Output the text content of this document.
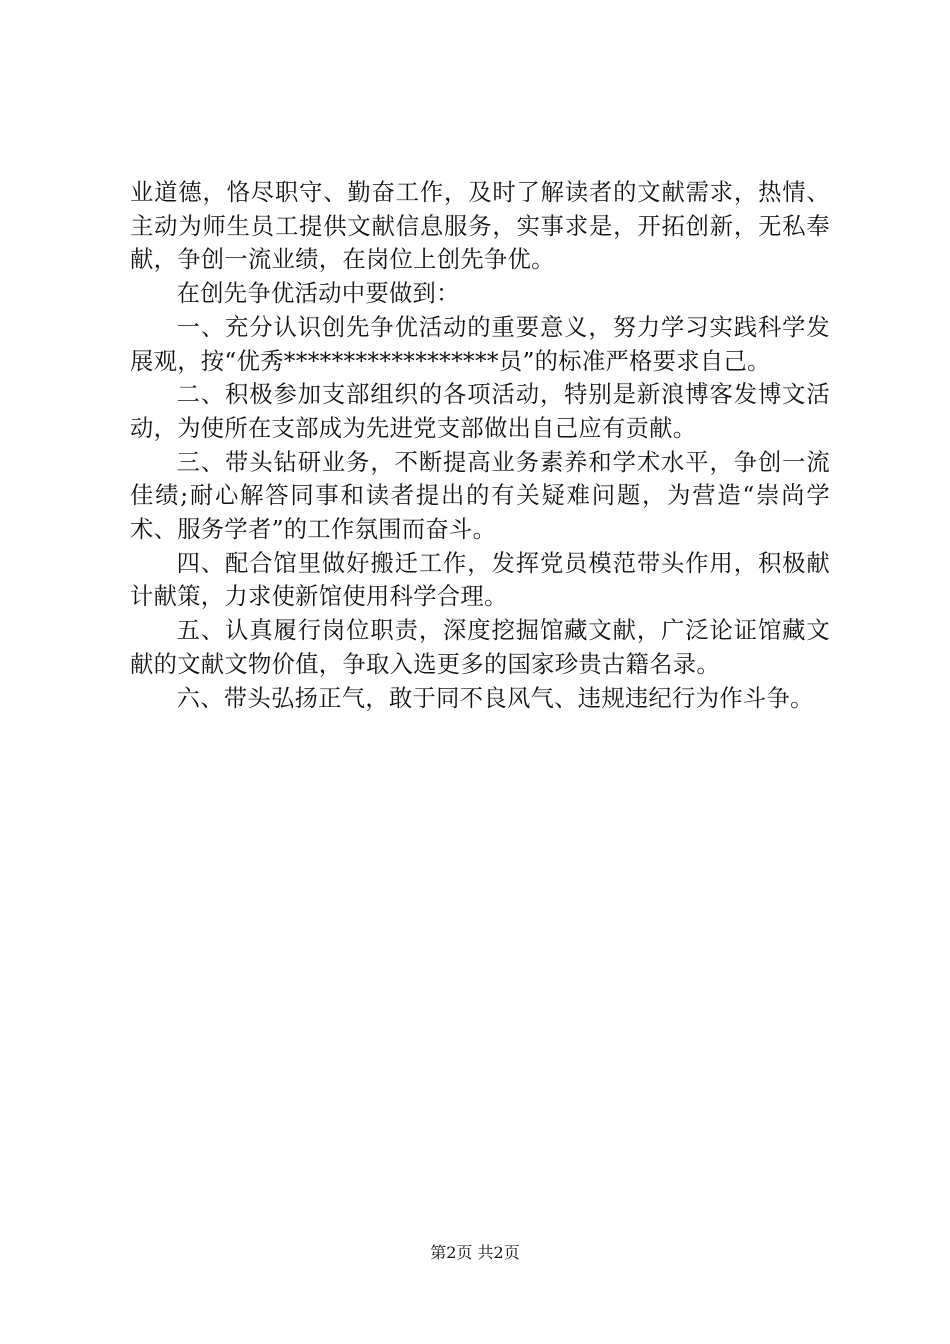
业道德，恪尽职守、勤奋工作，及时了解读者的文献需求，热情、主动为师生员工提供文献信息服务，实事求是，开拓创新，无私奉献，争创一流业绩，在岗位上创先争优。

在创先争优活动中要做到：

一、充分认识创先争优活动的重要意义，努力学习实践科学发展观，按“优秀******************员”的标准严格要求自己。

二、积极参加支部组织的各项活动，特别是新浪博客发博文活动，为使所在支部成为先进党支部做出自己应有贡献。

三、带头钻研业务，不断提高业务素养和学术水平，争创一流佳绩;耐心解答同事和读者提出的有关疑难问题，为营造“崇尚学术、服务学者”的工作氛围而奋斗。

四、配合馆里做好搬迁工作，发挥党员模范带头作用，积极献计献策，力求使新馆使用科学合理。

五、认真履行岗位职责，深度挖掘馆藏文献，广泛论证馆藏文献的文献文物价值，争取入选更多的国家珍贵古籍名录。

六、带头弘扬正气，敢于同不良风气、违规违纪行为作斗争。

第2页 共2页
